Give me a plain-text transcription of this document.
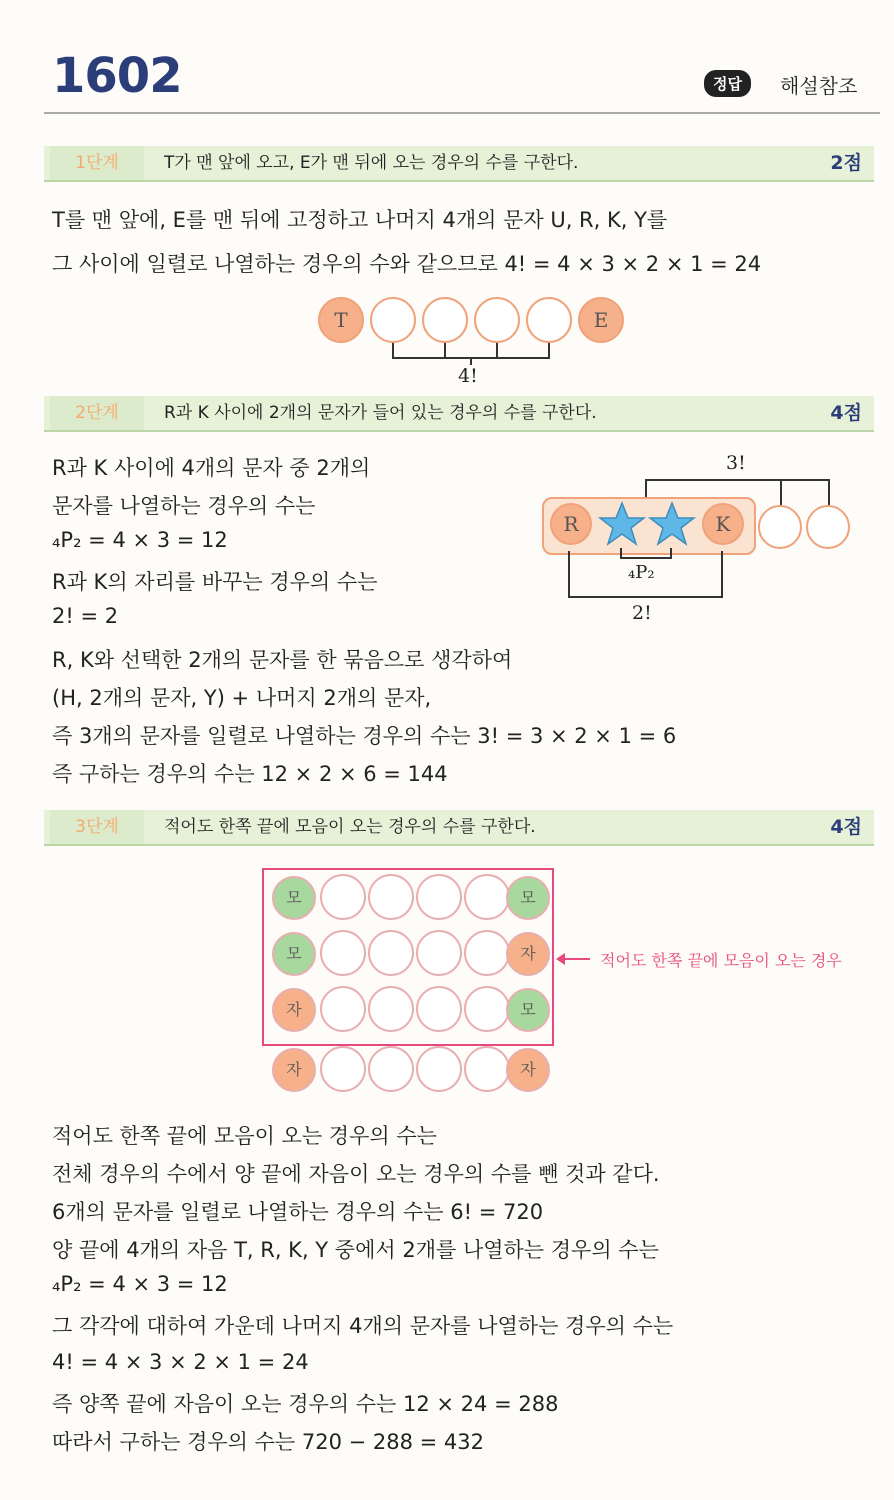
1602	정답	해설참조
1단계	T가 맨 앞에 오고, E가 맨 뒤에 오는 경우의 수를 구한다.	2점
T를 맨 앞에, E를 맨 뒤에 고정하고 나머지 4개의 문자 U, R, K, Y를
그 사이에 일렬로 나열하는 경우의 수와 같으므로 4! = 4 × 3 × 2 × 1 = 24
T	E
4!
2단계	R과 K 사이에 2개의 문자가 들어 있는 경우의 수를 구한다.	4점
R과 K 사이에 4개의 문자 중 2개의
문자를 나열하는 경우의 수는
₄P₂ = 4 × 3 = 12
R과 K의 자리를 바꾸는 경우의 수는
2! = 2
R, K와 선택한 2개의 문자를 한 묶음으로 생각하여
(H, 2개의 문자, Y) + 나머지 2개의 문자,
즉 3개의 문자를 일렬로 나열하는 경우의 수는 3! = 3 × 2 × 1 = 6
즉 구하는 경우의 수는 12 × 2 × 6 = 144
3!
R	K
₄P₂
2!
3단계	적어도 한쪽 끝에 모음이 오는 경우의 수를 구한다.	4점
적어도 한쪽 끝에 모음이 오는 경우
모	모
모	자
자	모
자	자
적어도 한쪽 끝에 모음이 오는 경우의 수는
전체 경우의 수에서 양 끝에 자음이 오는 경우의 수를 뺀 것과 같다.
6개의 문자를 일렬로 나열하는 경우의 수는 6! = 720
양 끝에 4개의 자음 T, R, K, Y 중에서 2개를 나열하는 경우의 수는
₄P₂ = 4 × 3 = 12
그 각각에 대하여 가운데 나머지 4개의 문자를 나열하는 경우의 수는
4! = 4 × 3 × 2 × 1 = 24
즉 양쪽 끝에 자음이 오는 경우의 수는 12 × 24 = 288
따라서 구하는 경우의 수는 720 − 288 = 432
